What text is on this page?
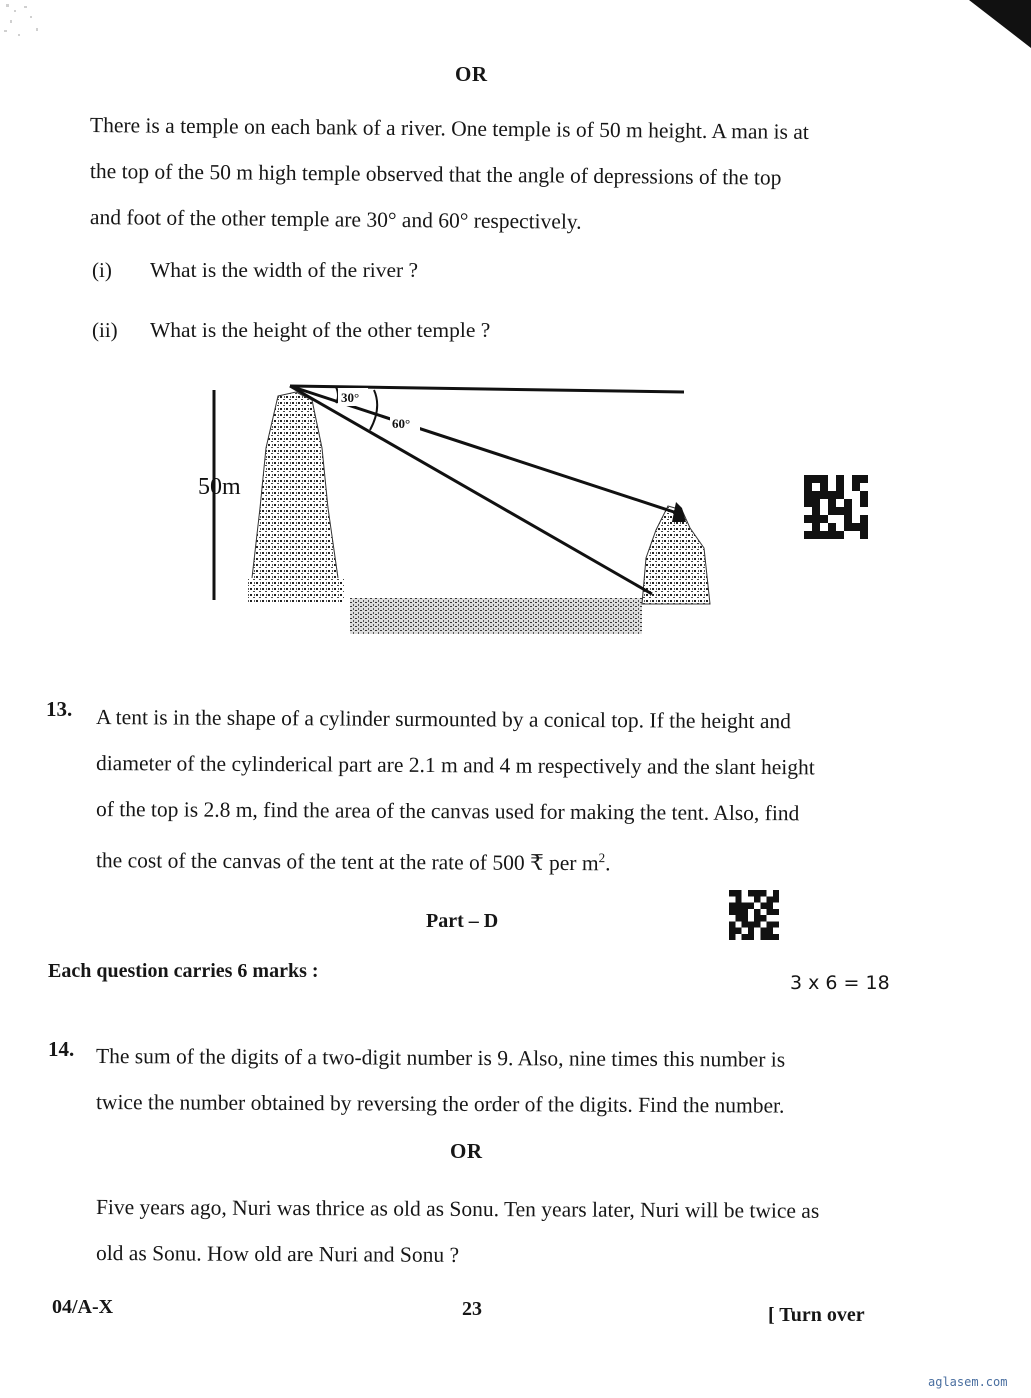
OR
There is a temple on each bank of a river. One temple is of 50 m height. A man is at
the top of the 50 m high temple observed that the angle of depressions of the top
and foot of the other temple are 30° and 60° respectively.
(i) What is the width of the river ?
(ii) What is the height of the other temple ?
50m
30°
60°
13. A tent is in the shape of a cylinder surmounted by a conical top. If the height and
diameter of the cylinderical part are 2.1 m and 4 m respectively and the slant height
of the top is 2.8 m, find the area of the canvas used for making the tent. Also, find
the cost of the canvas of the tent at the rate of 500 ₹ per $m^2$.
Part – D
Each question carries 6 marks :
3 x 6 = 18
14. The sum of the digits of a two-digit number is 9. Also, nine times this number is
twice the number obtained by reversing the order of the digits. Find the number.
OR
Five years ago, Nuri was thrice as old as Sonu. Ten years later, Nuri will be twice as
old as Sonu. How old are Nuri and Sonu ?
04/A-X	23	[ Turn over
aglasem.com
